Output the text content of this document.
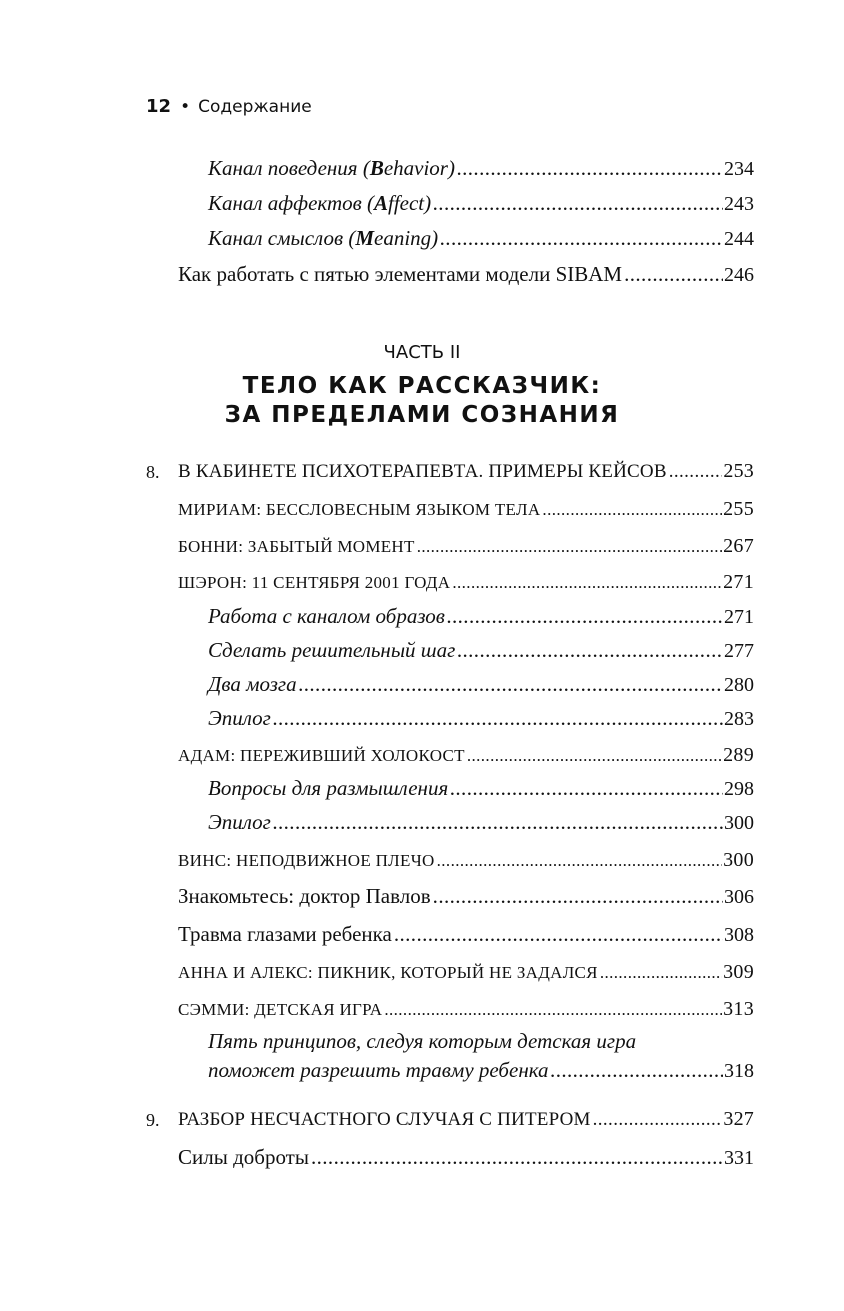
12 • Содержание
Канал поведения (Behavior) .....	234
Канал аффектов (Affect) .....	243
Канал смыслов (Meaning) .....	244
Как работать с пятью элементами модели SIBAM .....	246
ЧАСТЬ II
ТЕЛО КАК РАССКАЗЧИК:
ЗА ПРЕДЕЛАМИ СОЗНАНИЯ
8. В КАБИНЕТЕ ПСИХОТЕРАПЕВТА. ПРИМЕРЫ КЕЙСОВ .....	253
МИРИАМ: БЕССЛОВЕСНЫМ ЯЗЫКОМ ТЕЛА .....	255
БОННИ: ЗАБЫТЫЙ МОМЕНТ .....	267
ШЭРОН: 11 СЕНТЯБРЯ 2001 ГОДА .....	271
Работа с каналом образов .....	271
Сделать решительный шаг .....	277
Два мозга .....	280
Эпилог .....	283
АДАМ: ПЕРЕЖИВШИЙ ХОЛОКОСТ .....	289
Вопросы для размышления .....	298
Эпилог .....	300
ВИНС: НЕПОДВИЖНОЕ ПЛЕЧО .....	300
Знакомьтесь: доктор Павлов .....	306
Травма глазами ребенка .....	308
АННА И АЛЕКС: ПИКНИК, КОТОРЫЙ НЕ ЗАДАЛСЯ .....	309
СЭММИ: ДЕТСКАЯ ИГРА .....	313
Пять принципов, следуя которым детская игра
поможет разрешить травму ребенка .....	318
9. РАЗБОР НЕСЧАСТНОГО СЛУЧАЯ С ПИТЕРОМ .....	327
Силы доброты .....	331
